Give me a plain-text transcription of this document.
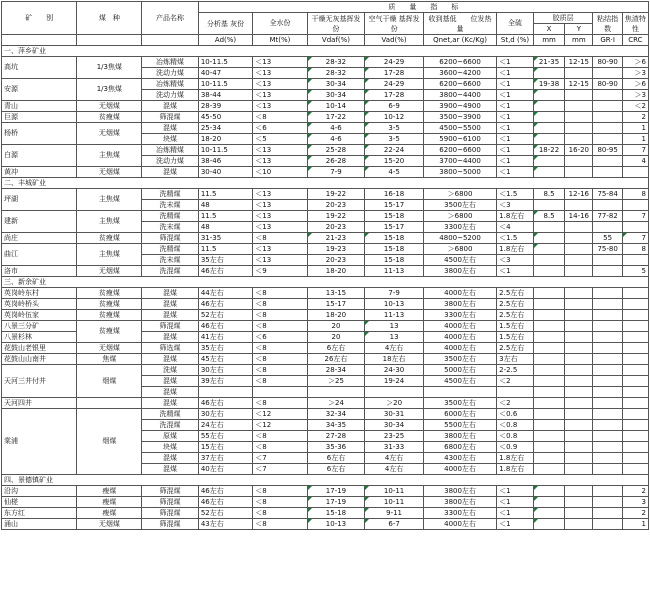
矿　　别	煤　种	产品名称	质　　量　　指　　标									
			分析基 灰份	全水份	干燥无灰基挥发份	空气干燥 基挥发份	收到基低　　位发热量	全硫	胶质层		粘结指数	焦渣特性
									X	Y		
			Ad(%)	Mt(%)	Vdaf(%)	Vad(%)	Qnet,ar (Kc/Kg)	St,d (%)	mm	mm	GR·I	CRC
一、萍乡矿业												
高坑	1/3焦煤	冶炼精煤	10-11.5	＜13	28-32	24-29	6200~6600	＜1	21-35	12-15	80-90	＞6
		洗动力煤	40-47	＜13	28-32	17-28	3600~4200	＜1				＞3
安源	1/3焦煤	冶炼精煤	10-11.5	＜13	30-34	24-29	6200~6600	＜1	19-38	12-15	80-90	＞6
		洗动力煤	38-44	＜13	30-34	17-28	3800~4400	＜1				＞3
青山	无烟煤	混煤	28-39	＜13	10-14	6-9	3900~4900	＜1				＜2
巨源	贫瘦煤	筛混煤	45-50	＜8	17-22	10-12	3500~3900	＜1				2
杨桥	无烟煤	混煤	25-34	＜6	4-6	3-5	4500~5500	＜1				1
		块煤	18-20	＜5	4-6	3-5	5900~6100	＜1				1
白源	主焦煤	冶炼精煤	10-11.5	＜13	25-28	22-24	6200~6600	＜1	18-22	16-20	80-95	7
		洗动力煤	38-46	＜13	26-28	15-20	3700~4400	＜1				4
黄冲	无烟煤	混煤	30-40	＜10	7-9	4-5	3800~5000	＜1				
二、丰城矿业												
坪湖	主焦煤	洗精煤	11.5	＜13	19-22	16-18	＞6800	＜1.5	8.5	12-16	75-84	8
		洗末煤	48	＜13	20-23	15-17	3500左右	＜3				
建新	主焦煤	洗精煤	11.5	＜13	19-22	15-18	＞6800	1.8左右	8.5	14-16	77-82	7
		洗末煤	48	＜13	20-23	15-17	3300左右	＜4				
尚庄	贫瘦煤	筛混煤	31-35	＜8	21-23	15-18	4800~5200	＜1.5			55	7
曲江	主焦煤	洗精煤	11.5	＜13	19-23	15-18	＞6800	1.8左右			75-80	8
		洗末煤	35左右	＜13	20-23	15-18	4500左右	＜3				
洛市	无烟煤	洗混煤	46左右	＜9	18-20	11-13	3800左右	＜1				5
三、新余矿业												
英岗岭东村	贫瘦煤	混煤	44左右	＜8	13-15	7-9	4000左右	2.5左右				
英岗岭桥头	贫瘦煤	混煤	46左右	＜8	15-17	10-13	3800左右	2.5左右				
英岗岭伍家	贫瘦煤	混煤	52左右	＜8	18-20	11-13	3300左右	2.5左右				
八景三分矿	贫瘦煤	筛混煤	46左右	＜8	20	13	4000左右	1.5左右				
八景杉林		混煤	41左右	＜6	20	13	4000左右	1.5左右				
花鼓山老银里	无烟煤	筛选煤	35左右	＜8	6左右	4左右	4000左右	2.5左右				
花鼓山山南井	焦煤	混煤	45左右	＜8	26左右	18左右	3500左右	3左右				
天河三井付井	烟煤	洗煤	30左右	＜8	28-34	24-30	5000左右	2-2.5				
		混煤	39左右	＜8	＞25	19-24	4500左右	＜2				
		混煤										
天河四井		混煤	46左右	＜8	＞24	＞20	3500左右	＜2				
棠浦	烟煤	洗精煤	30左右	＜12	32-34	30-31	6000左右	＜0.6				
		洗混煤	24左右	＜12	34-35	30-34	5500左右	＜0.8				
		原煤	55左右	＜8	27-28	23-25	3800左右	＜0.8				
		块煤	15左右	＜8	35-36	31-33	6800左右	＜0.9				
		混煤	37左右	＜7	6左右	4左右	4300左右	1.8左右				
		混煤	40左右	＜7	6左右	4左右	4000左右	1.8左右				
四、景德镇矿业												
沿沟	瘦煤	筛混煤	46左右	＜8	17-19	10-11	3800左右	＜1				2
仙槎	瘦煤	筛混煤	46左右	＜8	17-19	10-11	3800左右	＜1				3
东方红	瘦煤	筛混煤	52左右	＜8	15-18	9-11	3300左右	＜1				2
涌山	无烟煤	筛混煤	43左右	＜8	10-13	6-7	4000左右	＜1				1
